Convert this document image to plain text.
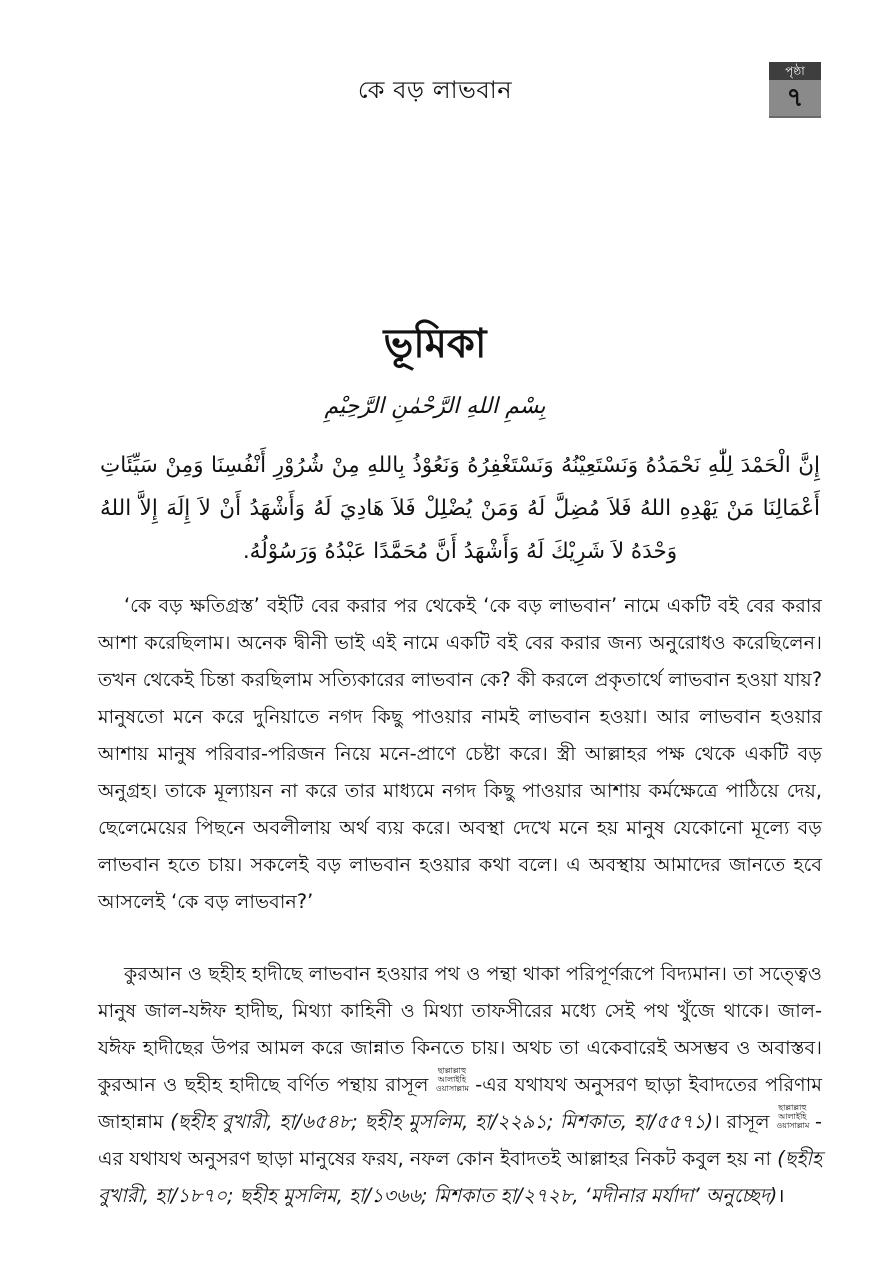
কে বড় লাভবান
পৃষ্ঠা
৭
ভূমিকা
بِسْمِ اللهِ الرَّحْمٰنِ الرَّحِيْمِ
إِنَّ الْحَمْدَ لِلّٰهِ نَحْمَدُهُ وَنَسْتَعِيْنُهُ وَنَسْتَغْفِرُهُ وَنَعُوْذُ بِاللهِ مِنْ شُرُوْرِ أَنْفُسِنَا وَمِنْ سَيِّئَاتِ أَعْمَالِنَا مَنْ يَهْدِهِ اللهُ فَلاَ مُضِلَّ لَهُ وَمَنْ يُضْلِلْ فَلاَ هَادِيَ لَهُ وَأَشْهَدُ أَنْ لاَ إِلَهَ إِلاَّ اللهُ وَحْدَهُ لاَ شَرِيْكَ لَهُ وَأَشْهَدُ أَنَّ مُحَمَّدًا عَبْدُهُ وَرَسُوْلُهُ.

‘কে বড় ক্ষতিগ্রস্ত’ বইটি বের করার পর থেকেই ‘কে বড় লাভবান’ নামে একটি বই বের করার আশা করেছিলাম। অনেক দ্বীনী ভাই এই নামে একটি বই বের করার জন্য অনুরোধও করেছিলেন। তখন থেকেই চিন্তা করছিলাম সত্যিকারের লাভবান কে? কী করলে প্রকৃতার্থে লাভবান হওয়া যায়? মানুষতো মনে করে দুনিয়াতে নগদ কিছু পাওয়ার নামই লাভবান হওয়া। আর লাভবান হওয়ার আশায় মানুষ পরিবার-পরিজন নিয়ে মনে-প্রাণে চেষ্টা করে। স্ত্রী আল্লাহর পক্ষ থেকে একটি বড় অনুগ্রহ। তাকে মূল্যায়ন না করে তার মাধ্যমে নগদ কিছু পাওয়ার আশায় কর্মক্ষেত্রে পাঠিয়ে দেয়, ছেলেমেয়ের পিছনে অবলীলায় অর্থ ব্যয় করে। অবস্থা দেখে মনে হয় মানুষ যেকোনো মূল্যে বড় লাভবান হতে চায়। সকলেই বড় লাভবান হওয়ার কথা বলে। এ অবস্থায় আমাদের জানতে হবে আসলেই ‘কে বড় লাভবান?’

কুরআন ও ছহীহ হাদীছে লাভবান হওয়ার পথ ও পন্থা থাকা পরিপূর্ণরূপে বিদ্যমান। তা সত্ত্বেও মানুষ জাল-যঈফ হাদীছ, মিথ্যা কাহিনী ও মিথ্যা তাফসীরের মধ্যে সেই পথ খুঁজে থাকে। জাল-যঈফ হাদীছের উপর আমল করে জান্নাত কিনতে চায়। অথচ তা একেবারেই অসম্ভব ও অবাস্তব। কুরআন ও ছহীহ হাদীছে বর্ণিত পন্থায় রাসূল ছাল্লাল্লাহু আলাইহি ওয়াসাল্লাম -এর যথাযথ অনুসরণ ছাড়া ইবাদতের পরিণাম জাহান্নাম (ছহীহ বুখারী, হা/৬৫৪৮; ছহীহ মুসলিম, হা/২২৯১; মিশকাত, হা/৫৫৭১)। রাসূল ছাল্লাল্লাহু আলাইহি ওয়াসাল্লাম - এর যথাযথ অনুসরণ ছাড়া মানুষের ফরয, নফল কোন ইবাদতই আল্লাহর নিকট কবুল হয় না (ছহীহ বুখারী, হা/১৮৭০; ছহীহ মুসলিম, হা/১৩৬৬; মিশকাত হা/২৭২৮, ‘মদীনার মর্যাদা’ অনুচ্ছেদ)।
